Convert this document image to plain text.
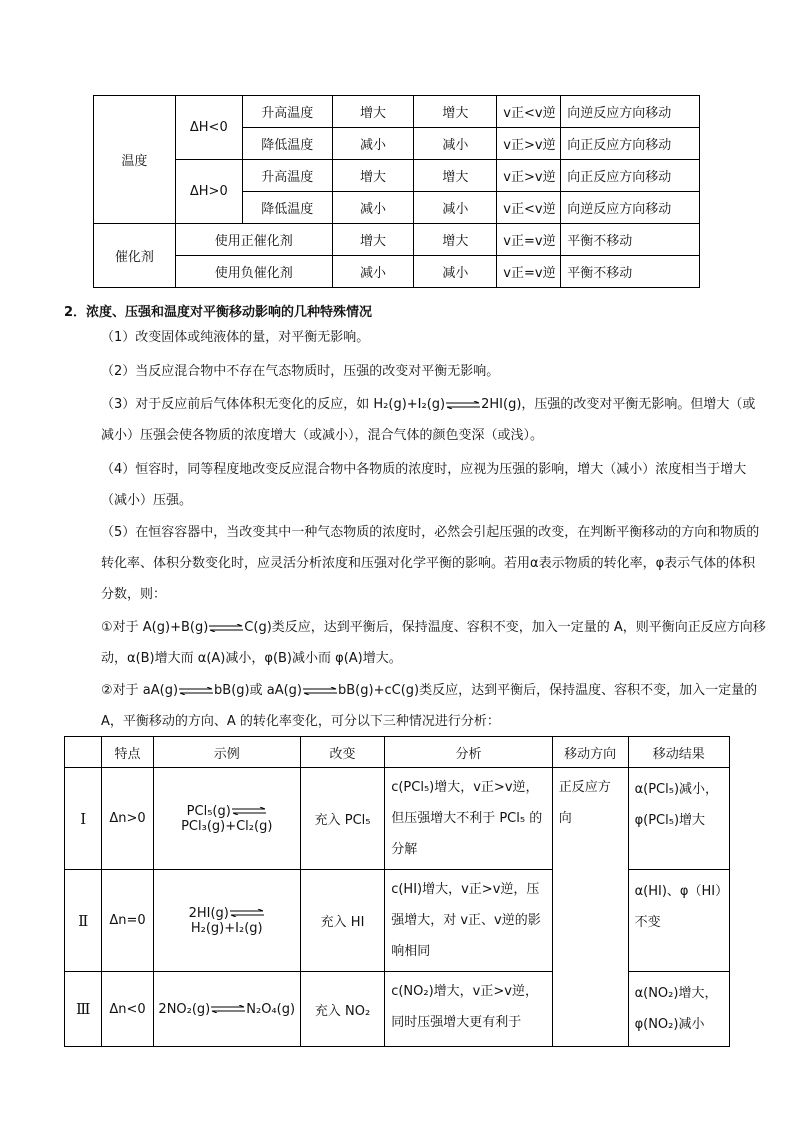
温度	ΔH<0	升高温度	增大	增大	v正<v逆	向逆反应方向移动
		降低温度	减小	减小	v正>v逆	向正反应方向移动
	ΔH>0	升高温度	增大	增大	v正>v逆	向正反应方向移动
		降低温度	减小	减小	v正<v逆	向逆反应方向移动
催化剂	使用正催化剂		增大	增大	v正=v逆	平衡不移动
	使用负催化剂		减小	减小	v正=v逆	平衡不移动

2．浓度、压强和温度对平衡移动影响的几种特殊情况

（1）改变固体或纯液体的量，对平衡无影响。

（2）当反应混合物中不存在气态物质时，压强的改变对平衡无影响。

（3）对于反应前后气体体积无变化的反应，如 H₂(g)+I₂(g)⇌2HI(g)，压强的改变对平衡无影响。但增大（或减小）压强会使各物质的浓度增大（或减小），混合气体的颜色变深（或浅）。

（4）恒容时，同等程度地改变反应混合物中各物质的浓度时，应视为压强的影响，增大（减小）浓度相当于增大（减小）压强。

（5）在恒容容器中，当改变其中一种气态物质的浓度时，必然会引起压强的改变，在判断平衡移动的方向和物质的转化率、体积分数变化时，应灵活分析浓度和压强对化学平衡的影响。若用α表示物质的转化率，φ表示气体的体积分数，则：

①对于 A(g)+B(g)⇌C(g)类反应，达到平衡后，保持温度、容积不变，加入一定量的 A，则平衡向正反应方向移动，α(B)增大而 α(A)减小，φ(B)减小而 φ(A)增大。

②对于 aA(g)⇌bB(g)或 aA(g)⇌bB(g)+cC(g)类反应，达到平衡后，保持温度、容积不变，加入一定量的 A，平衡移动的方向、A 的转化率变化，可分以下三种情况进行分析：

	特点	示例	改变	分析	移动方向	移动结果
Ⅰ	Δn>0	PCl₅(g)⇌PCl₃(g)+Cl₂(g)	充入 PCl₅	c(PCl₅)增大，v正>v逆，但压强增大不利于 PCl₅ 的分解	正反应方向	α(PCl₅)减小，φ(PCl₅)增大
Ⅱ	Δn=0	2HI(g)⇌H₂(g)+I₂(g)	充入 HI	c(HI)增大，v正>v逆，压强增大，对 v正、v逆的影响相同		α(HI)、φ（HI）不变
Ⅲ	Δn<0	2NO₂(g)⇌N₂O₄(g)	充入 NO₂	c(NO₂)增大，v正>v逆，同时压强增大更有利于		α(NO₂)增大，φ(NO₂)减小
